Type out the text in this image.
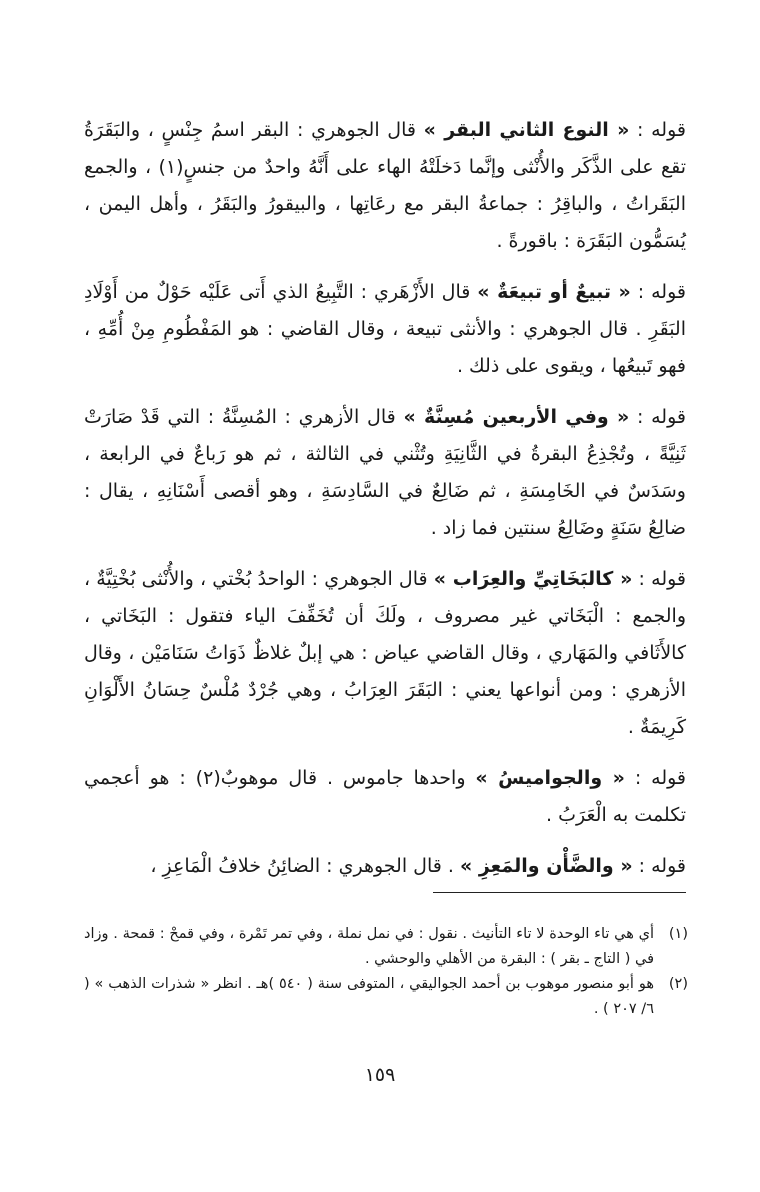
قوله : « النوع الثاني البقر » قال الجوهري : البقر اسمُ جِنْسٍ ، والبَقَرَةُ تقع على الذَّكَر والأُنْثى وإنَّما دَخلَتْهُ الهاء على أَنَّهُ واحدٌ من جنسٍ(١) ، والجمع البَقَراتُ ، والباقِرُ : جماعةُ البقر مع رعَاتِها ، والبيقورُ والبَقَرُ ، وأهل اليمن ، يُسَمُّون البَقَرَة : باقورةً .

قوله : « تبيعٌ أو تبيعَةٌ » قال الأَزْهَري : التَّبِيعُ الذي أَتى عَلَيْه حَوْلٌ من أَوْلَادِ البَقَرِ . قال الجوهري : والأنثى تبيعة ، وقال القاضي : هو المَفْطُومِ مِنْ أُمِّهِ ، فهو تَبيعُها ، ويقوى على ذلك .

قوله : « وفي الأربعين مُسِنَّةٌ » قال الأزهري : المُسِنَّةُ : التي قَدْ صَارَتْ ثَنِيَّةً ، وتُجْذِعُ البقرةُ في الثَّانِيَةِ وتُثْني في الثالثة ، ثم هو رَباعٌ في الرابعة ، وسَدَسٌ في الخَامِسَةِ ، ثم ضَالِعٌ في السَّادِسَةِ ، وهو أقصى أَسْنَانِهِ ، يقال : ضالِعُ سَنَةٍ وضَالِعُ سنتين فما زاد .

قوله : « كالبَخَاتِيِّ والعِرَاب » قال الجوهري : الواحدُ بُخْتي ، والأُنْثى بُخْتِيَّةٌ ، والجمع : الْبَخَاتي غير مصروف ، ولَكَ أن تُخَفِّفَ الياء فتقول : البَخَاتي ، كالأَثَافي والمَهَاري ، وقال القاضي عياض : هي إبلٌ غلاظٌ ذَوَاتُ سَنَامَيْن ، وقال الأزهري : ومن أنواعها يعني : البَقَرَ العِرَابُ ، وهي جُرْدٌ مُلْسٌ حِسَانُ الأَلْوَانِ كَرِيمَةٌ .

قوله : « والجواميسُ » واحدها جاموس . قال موهوبٌ(٢) : هو أعجمي تكلمت به الْعَرَبُ .

قوله : « والضَّأْن والمَعِزِ » . قال الجوهري : الضائِنُ خلافُ الْمَاعِزِ ،

(١)
أي هي تاء الوحدة لا تاء التأنيث . نقول : في نمل نملة ، وفي تمر تَمْرة ، وفي قمحْ : قمحة . وزاد في ( التاج ـ بقر ) : البقرة من الأهلي والوحشي .
(٢)
هو أبو منصور موهوب بن أحمد الجواليقي ، المتوفى سنة ( ٥٤٠ )هـ . انظر « شذرات الذهب » ( ٦/ ٢٠٧ ) .
١٥٩
